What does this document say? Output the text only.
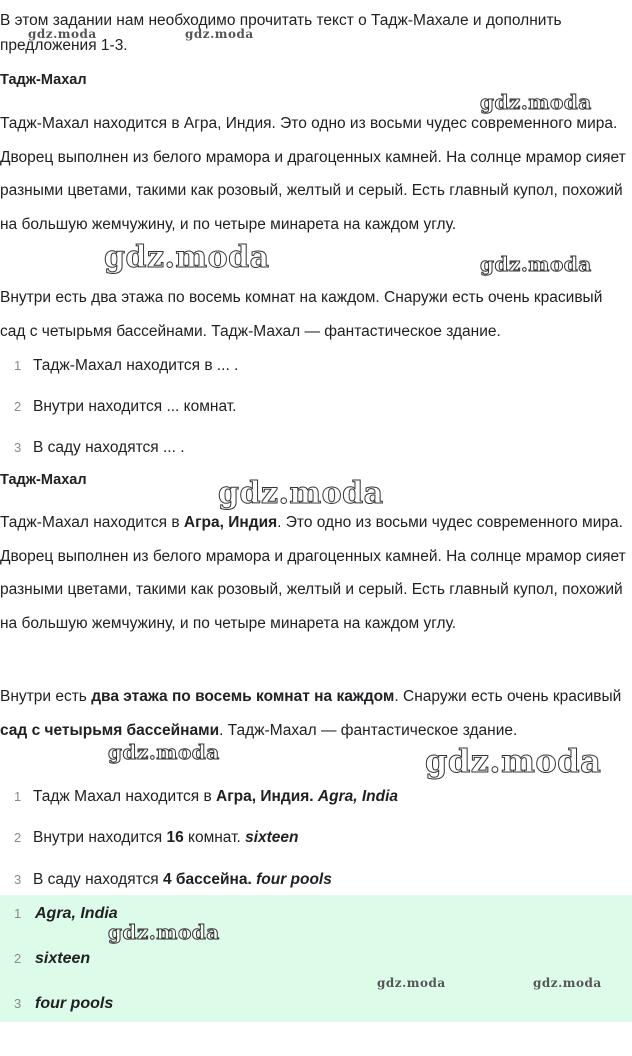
В этом задании нам необходимо прочитать текст о Тадж-Махале и дополнить
предложения 1-3.
Тадж-Махал
Тадж-Махал находится в Агра, Индия. Это одно из восьми чудес современного мира. Дворец выполнен из белого мрамора и драгоценных камней. На солнце мрамор сияет разными цветами, такими как розовый, желтый и серый. Есть главный купол, похожий на большую жемчужину, и по четыре минарета на каждом углу.
Внутри есть два этажа по восемь комнат на каждом. Снаружи есть очень красивый сад с четырьмя бассейнами. Тадж-Махал — фантастическое здание.
1 Тадж-Махал находится в ... .
2 Внутри находится ... комнат.
3 В саду находятся ... .
Тадж-Махал
Тадж-Махал находится в Агра, Индия. Это одно из восьми чудес современного мира. Дворец выполнен из белого мрамора и драгоценных камней. На солнце мрамор сияет разными цветами, такими как розовый, желтый и серый. Есть главный купол, похожий на большую жемчужину, и по четыре минарета на каждом углу.
Внутри есть два этажа по восемь комнат на каждом. Снаружи есть очень красивый сад с четырьмя бассейнами. Тадж-Махал — фантастическое здание.
1 Тадж Махал находится в Агра, Индия. Agra, India
2 Внутри находится 16 комнат. sixteen
3 В саду находятся 4 бассейна. four pools
1 Agra, India
2 sixteen
3 four pools
gdz.moda	gdz.moda
gdz.moda
gdz.moda	gdz.moda
gdz.moda
gdz.moda	gdz.moda
gdz.moda
gdz.moda	gdz.moda
